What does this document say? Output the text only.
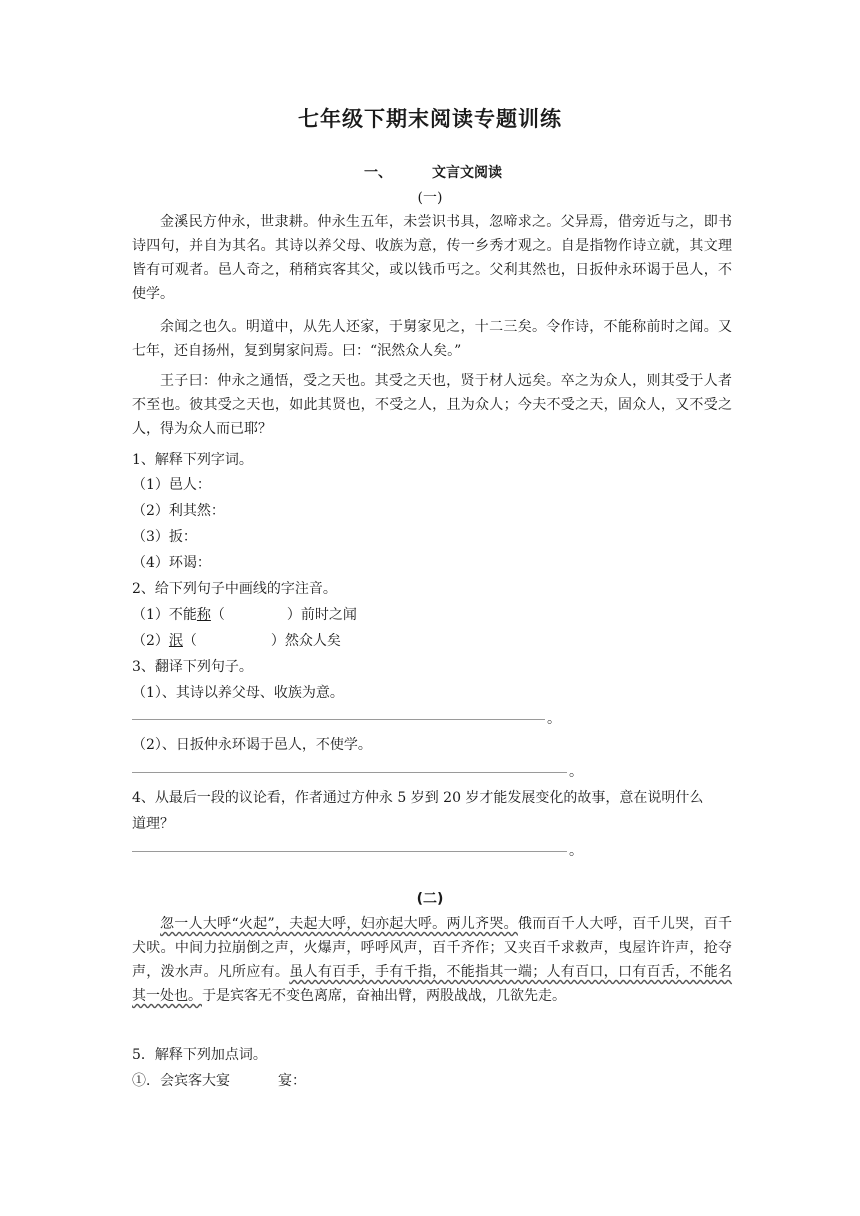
七年级下期末阅读专题训练
一、	文言文阅读
(一)

金溪民方仲永，世隶耕。仲永生五年，未尝识书具，忽啼求之。父异焉，借旁近与之，即书诗四句，并自为其名。其诗以养父母、收族为意，传一乡秀才观之。自是指物作诗立就，其文理皆有可观者。邑人奇之，稍稍宾客其父，或以钱币丐之。父利其然也，日扳仲永环谒于邑人，不使学。

余闻之也久。明道中，从先人还家，于舅家见之，十二三矣。令作诗，不能称前时之闻。又七年，还自扬州，复到舅家问焉。曰：“泯然众人矣。”

王子曰：仲永之通悟，受之天也。其受之天也，贤于材人远矣。卒之为众人，则其受于人者不至也。彼其受之天也，如此其贤也，不受之人，且为众人；今夫不受之天，固众人，又不受之人，得为众人而已耶？

1、解释下列字词。

（1）邑人：

（2）利其然：

（3）扳：

（4）环谒：

2、给下列句子中画线的字注音。

（1）不能称（	）前时之闻

（2）泯（	）然众人矣

3、翻译下列句子。

（1）、其诗以养父母、收族为意。

。

（2）、日扳仲永环谒于邑人，不使学。

。

4、从最后一段的议论看，作者通过方仲永 5 岁到 20 岁才能发展变化的故事，意在说明什么

道理？

。
(二)

忽一人大呼“火起”，夫起大呼，妇亦起大呼。两儿齐哭。俄而百千人大呼，百千儿哭，百千犬吠。中间力拉崩倒之声，火爆声，呼呼风声，百千齐作；又夹百千求救声，曳屋许许声，抢夺声，泼水声。凡所应有。虽人有百手，手有千指，不能指其一端；人有百口，口有百舌，不能名其一处也。于是宾客无不变色离席，奋袖出臂，两股战战，几欲先走。

5．解释下列加点词。

①．会宾客大宴	宴：
